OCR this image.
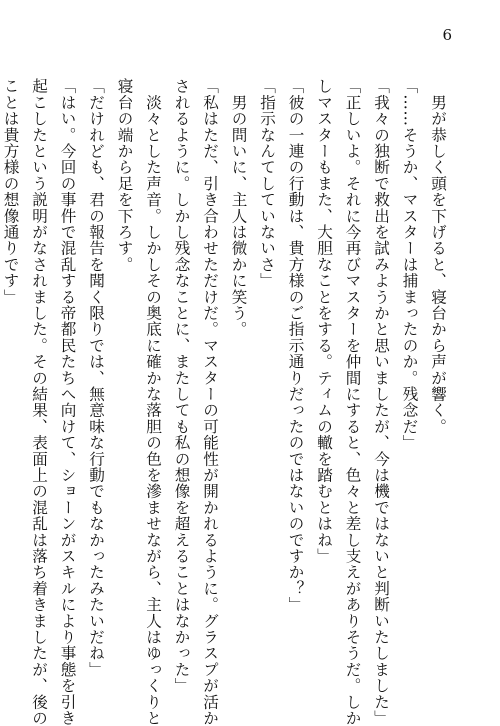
6
　男が恭しく頭を下げると、寝台から声が響く。
「……そうか、マスターは捕まったのか。残念だ」
「我々の独断で救出を試みようかと思いましたが、今は機ではないと判断いたしました」
「正しいよ。それに今再びマスターを仲間にすると、色々と差し支えがありそうだ。しか
しマスターもまた、大胆なことをする。ティムの轍を踏むとはね」
「彼の一連の行動は、貴方様のご指示通りだったのではないのですか？」
「指示なんてしていないさ」
　男の問いに、主人は微かに笑う。
「私はただ、引き合わせただけだ。マスターの可能性が開かれるように。グラスプが活か
されるように。しかし残念なことに、またしても私の想像を超えることはなかった」
　淡々とした声音。しかしその奥底に確かな落胆の色を滲ませながら、主人はゆっくりと
寝台の端から足を下ろす。
「だけれども、君の報告を聞く限りでは、無意味な行動でもなかったみたいだね」
「はい。今回の事件で混乱する帝都民たちへ向けて、ショーンがスキルにより事態を引き
起こしたという説明がなされました。その結果、表面上の混乱は落ち着きましたが、後の
ことは貴方様の想像通りです」
